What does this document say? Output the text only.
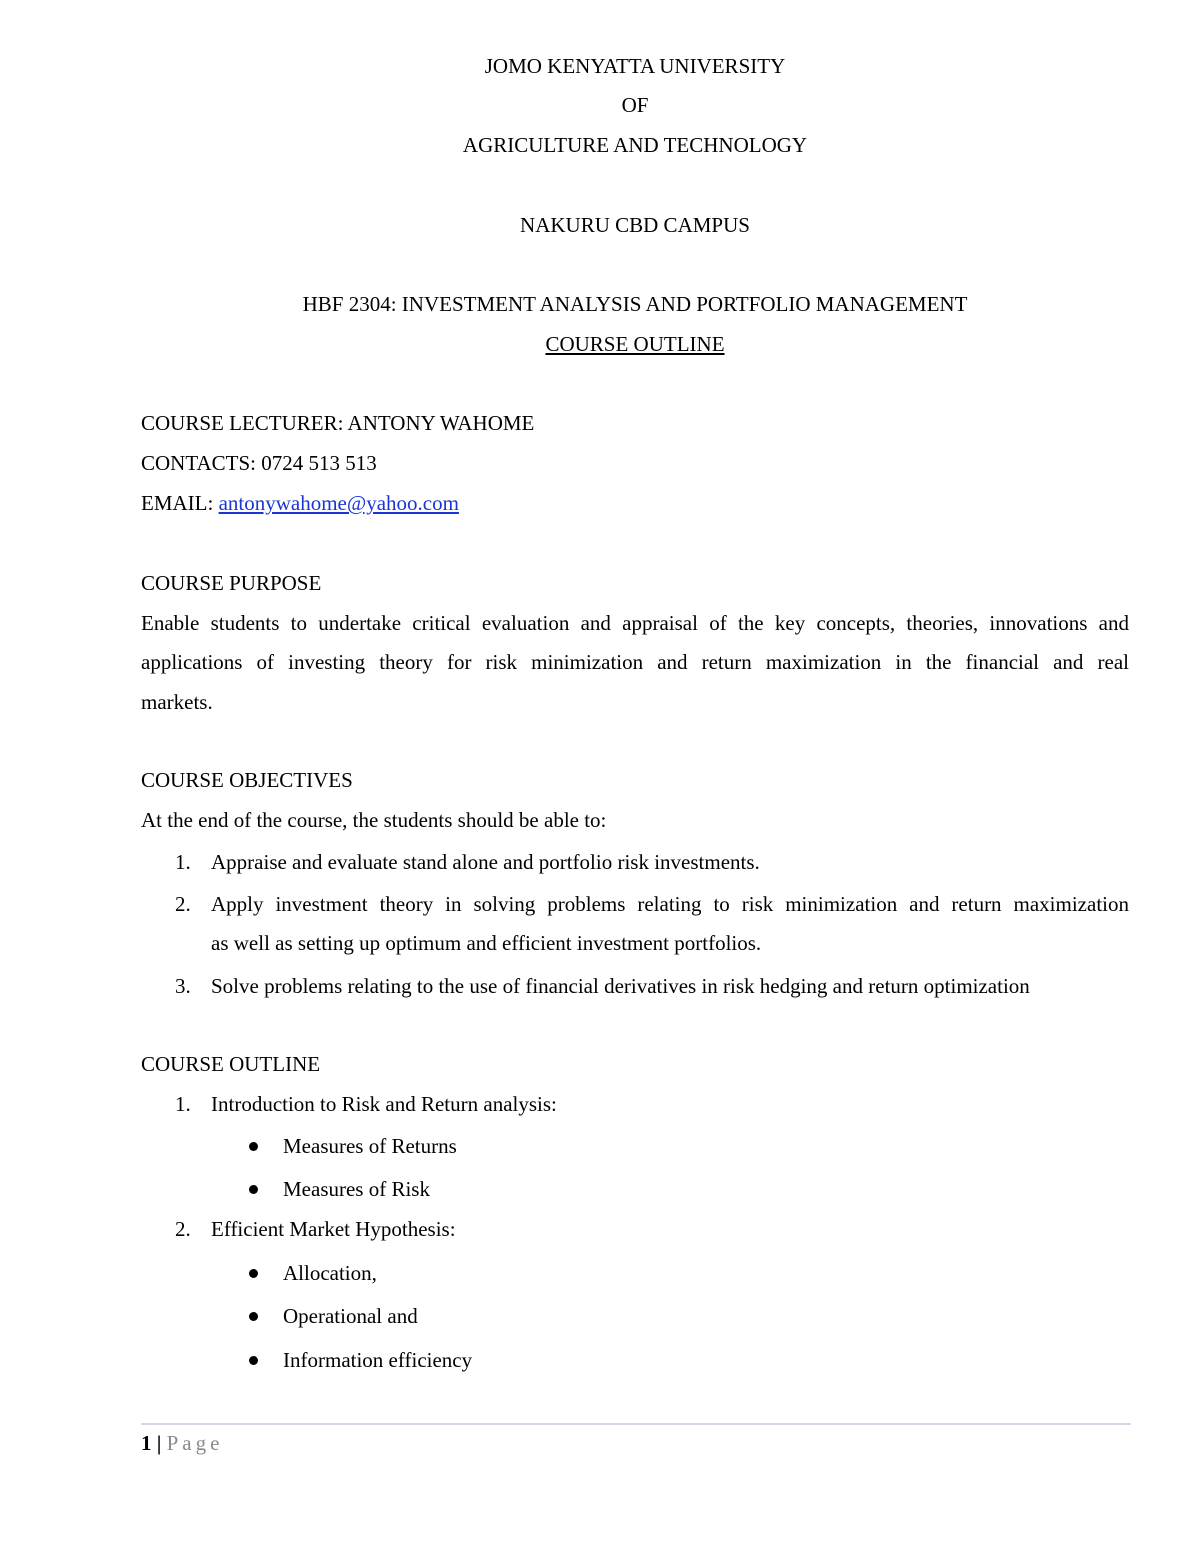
JOMO KENYATTA UNIVERSITY
OF
AGRICULTURE AND TECHNOLOGY
NAKURU CBD CAMPUS
HBF 2304: INVESTMENT ANALYSIS AND PORTFOLIO MANAGEMENT
COURSE OUTLINE
COURSE LECTURER: ANTONY WAHOME
CONTACTS: 0724 513 513
EMAIL: antonywahome@yahoo.com
COURSE PURPOSE
Enable students to undertake critical evaluation and appraisal of the key concepts, theories, innovations and
applications of investing theory for risk minimization and return maximization in the financial and real
markets.
COURSE OBJECTIVES
At the end of the course, the students should be able to:
1. Appraise and evaluate stand alone and portfolio risk investments.
2. Apply investment theory in solving problems relating to risk minimization and return maximization
as well as setting up optimum and efficient investment portfolios.
3. Solve problems relating to the use of financial derivatives in risk hedging and return optimization
COURSE OUTLINE
1. Introduction to Risk and Return analysis:
Measures of Returns
Measures of Risk
2. Efficient Market Hypothesis:
Allocation,
Operational and
Information efficiency
1 | Page
